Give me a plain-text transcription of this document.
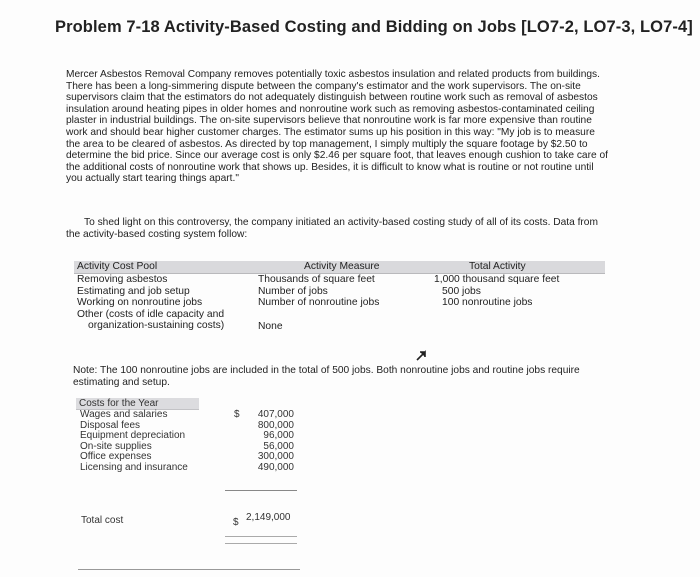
Problem 7-18 Activity-Based Costing and Bidding on Jobs [LO7-2, LO7-3, LO7-4]
Mercer Asbestos Removal Company removes potentially toxic asbestos insulation and related products from buildings. There has been a long-simmering dispute between the company's estimator and the work supervisors. The on-site supervisors claim that the estimators do not adequately distinguish between routine work such as removal of asbestos insulation around heating pipes in older homes and nonroutine work such as removing asbestos-contaminated ceiling plaster in industrial buildings. The on-site supervisors believe that nonroutine work is far more expensive than routine work and should bear higher customer charges. The estimator sums up his position in this way: "My job is to measure the area to be cleared of asbestos. As directed by top management, I simply multiply the square footage by $2.50 to determine the bid price. Since our average cost is only $2.46 per square foot, that leaves enough cushion to take care of the additional costs of nonroutine work that shows up. Besides, it is difficult to know what is routine or not routine until you actually start tearing things apart."
To shed light on this controversy, the company initiated an activity-based costing study of all of its costs. Data from the activity-based costing system follow:
Activity Cost Pool	Activity Measure	Total Activity
Removing asbestos	Thousands of square feet	1,000 thousand square feet
Estimating and job setup	Number of jobs	500 jobs
Working on nonroutine jobs	Number of nonroutine jobs	100 nonroutine jobs
Other (costs of idle capacity and
organization-sustaining costs)	None
Note: The 100 nonroutine jobs are included in the total of 500 jobs. Both nonroutine jobs and routine jobs require estimating and setup.
Costs for the Year
Wages and salaries	$ 407,000
Disposal fees	800,000
Equipment depreciation	96,000
On-site supplies	56,000
Office expenses	300,000
Licensing and insurance	490,000
Total cost	$ 2,149,000
